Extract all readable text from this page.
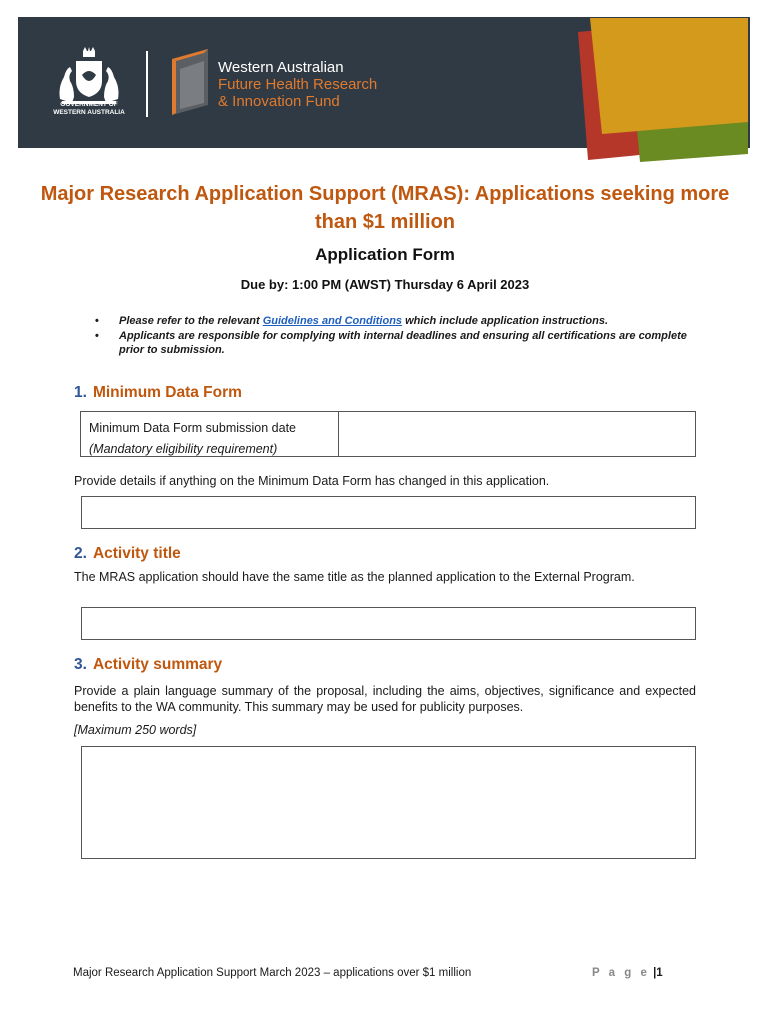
GOVERNMENT OF
WESTERN AUSTRALIA
Western Australian
Future Health Research
& Innovation Fund
Major Research Application Support (MRAS): Applications seeking more than $1 million
Application Form
Due by: 1:00 PM (AWST) Thursday 6 April 2023
• Please refer to the relevant Guidelines and Conditions which include application instructions.
• Applicants are responsible for complying with internal deadlines and ensuring all certifications are complete prior to submission.
1. Minimum Data Form
Minimum Data Form submission date
(Mandatory eligibility requirement)
Provide details if anything on the Minimum Data Form has changed in this application.
2. Activity title
The MRAS application should have the same title as the planned application to the External Program.
3. Activity summary
Provide a plain language summary of the proposal, including the aims, objectives, significance and expected benefits to the WA community. This summary may be used for publicity purposes.
[Maximum 250 words]
Major Research Application Support March 2023 – applications over $1 million	P a g e |1
